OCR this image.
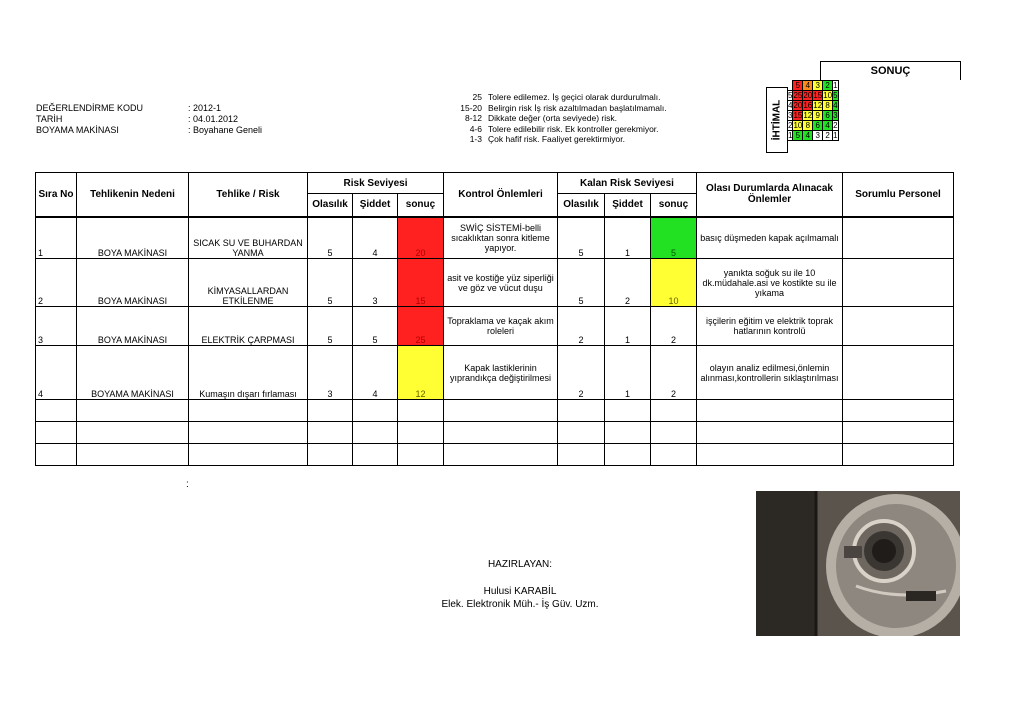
DEĞERLENDİRME KODU	: 2012-1
TARİH	: 04.01.2012
BOYAMA MAKİNASI	: Boyahane Geneli
25 Tolere edilemez. İş geçici olarak durdurulmalı.
15-20 Belirgin risk İş risk azaltılmadan başlatılmamalı.
8-12 Dikkate değer (orta seviyede) risk.
4-6 Tolere edilebilir risk. Ek kontroller gerekmiyor.
1-3 Çok hafif risk. Faaliyet gerektirmiyor.
SONUÇ
İHTİMAL
	5	4	3	2	1
5	25	20	15	10	5
4	20	16	12	8	4
3	15	12	9	6	3
2	10	8	6	4	2
1	5	4	3	2	1
Sıra No	Tehlikenin Nedeni	Tehlike / Risk	Risk Seviyesi			Kontrol Önlemleri	Kalan Risk Seviyesi			Olası Durumlarda Alınacak Önlemler	Sorumlu Personel
			Olasılık	Şiddet	sonuç		Olasılık	Şiddet	sonuç		
1	BOYA MAKİNASI	SICAK SU VE BUHARDAN YANMA	5	4	20	SWİÇ SİSTEMİ-belli sıcaklıktan sonra kitleme yapıyor.	5	1	5	basıç düşmeden kapak açılmamalı	
2	BOYA MAKİNASI	KİMYASALLARDAN ETKİLENME	5	3	15	asit ve kostiğe yüz siperliği ve göz ve vücut duşu	5	2	10	yanıkta soğuk su ile 10 dk.müdahale.asi ve kostikte su ile yıkama	
3	BOYA MAKİNASI	ELEKTRİK ÇARPMASI	5	5	25	Topraklama ve kaçak akım roleleri	2	1	2	işçilerin eğitim ve elektrik toprak hatlarının kontrolü	
4	BOYAMA MAKİNASI	Kumaşın dışarı fırlaması	3	4	12	Kapak lastiklerinin yıprandıkça değiştirilmesi	2	1	2	olayın analiz edilmesi,önlemin alınması,kontrollerin sıklaştırılması	

:
HAZIRLAYAN:
Hulusi KARABİL
Elek. Elektronik Müh.- İş Güv. Uzm.
